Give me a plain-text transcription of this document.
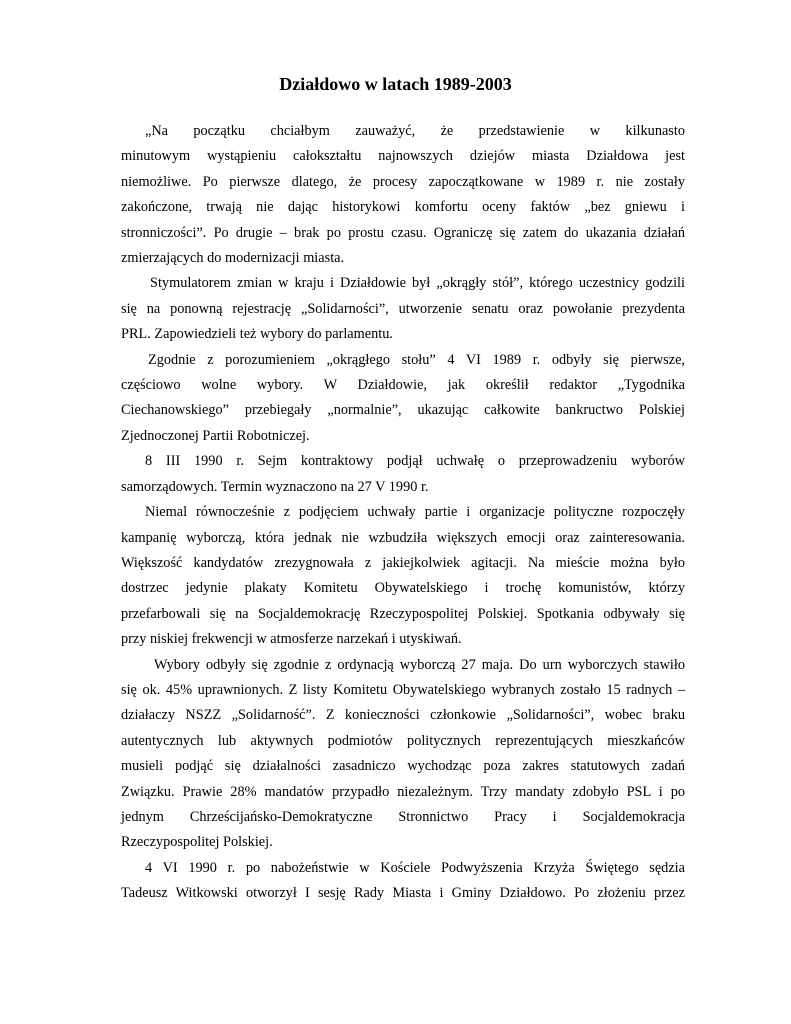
Działdowo w latach 1989-2003
„Na początku chciałbym zauważyć, że przedstawienie w kilkunasto
minutowym wystąpieniu całokształtu najnowszych dziejów miasta Działdowa jest
niemożliwe. Po pierwsze dlatego, że procesy zapoczątkowane w 1989 r. nie zostały
zakończone, trwają nie dając historykowi komfortu oceny faktów „bez gniewu i
stronniczości”. Po drugie – brak po prostu czasu. Ograniczę się zatem do ukazania działań
zmierzających do modernizacji miasta.
Stymulatorem zmian w kraju i Działdowie był „okrągły stół”, którego uczestnicy godzili
się na ponowną rejestrację „Solidarności”, utworzenie senatu oraz powołanie prezydenta
PRL. Zapowiedzieli też wybory do parlamentu.
Zgodnie z porozumieniem „okrągłego stołu” 4 VI 1989 r. odbyły się pierwsze,
częściowo wolne wybory. W Działdowie, jak określił redaktor „Tygodnika
Ciechanowskiego” przebiegały „normalnie”, ukazując całkowite bankructwo Polskiej
Zjednoczonej Partii Robotniczej.
8 III 1990 r. Sejm kontraktowy podjął uchwałę o przeprowadzeniu wyborów
samorządowych. Termin wyznaczono na 27 V 1990 r.
Niemal równocześnie z podjęciem uchwały partie i organizacje polityczne rozpoczęły
kampanię wyborczą, która jednak nie wzbudziła większych emocji oraz zainteresowania.
Większość kandydatów zrezygnowała z jakiejkolwiek agitacji. Na mieście można było
dostrzec jedynie plakaty Komitetu Obywatelskiego i trochę komunistów, którzy
przefarbowali się na Socjaldemokrację Rzeczypospolitej Polskiej. Spotkania odbywały się
przy niskiej frekwencji w atmosferze narzekań i utyskiwań.
Wybory odbyły się zgodnie z ordynacją wyborczą 27 maja. Do urn wyborczych stawiło
się ok. 45% uprawnionych. Z listy Komitetu Obywatelskiego wybranych zostało 15 radnych –
działaczy NSZZ „Solidarność”. Z konieczności członkowie „Solidarności”, wobec braku
autentycznych lub aktywnych podmiotów politycznych reprezentujących mieszkańców
musieli podjąć się działalności zasadniczo wychodząc poza zakres statutowych zadań
Związku. Prawie 28% mandatów przypadło niezależnym. Trzy mandaty zdobyło PSL i po
jednym Chrześcijańsko-Demokratyczne Stronnictwo Pracy i Socjaldemokracja
Rzeczypospolitej Polskiej.
4 VI 1990 r. po nabożeństwie w Kościele Podwyższenia Krzyża Świętego sędzia
Tadeusz Witkowski otworzył I sesję Rady Miasta i Gminy Działdowo. Po złożeniu przez
